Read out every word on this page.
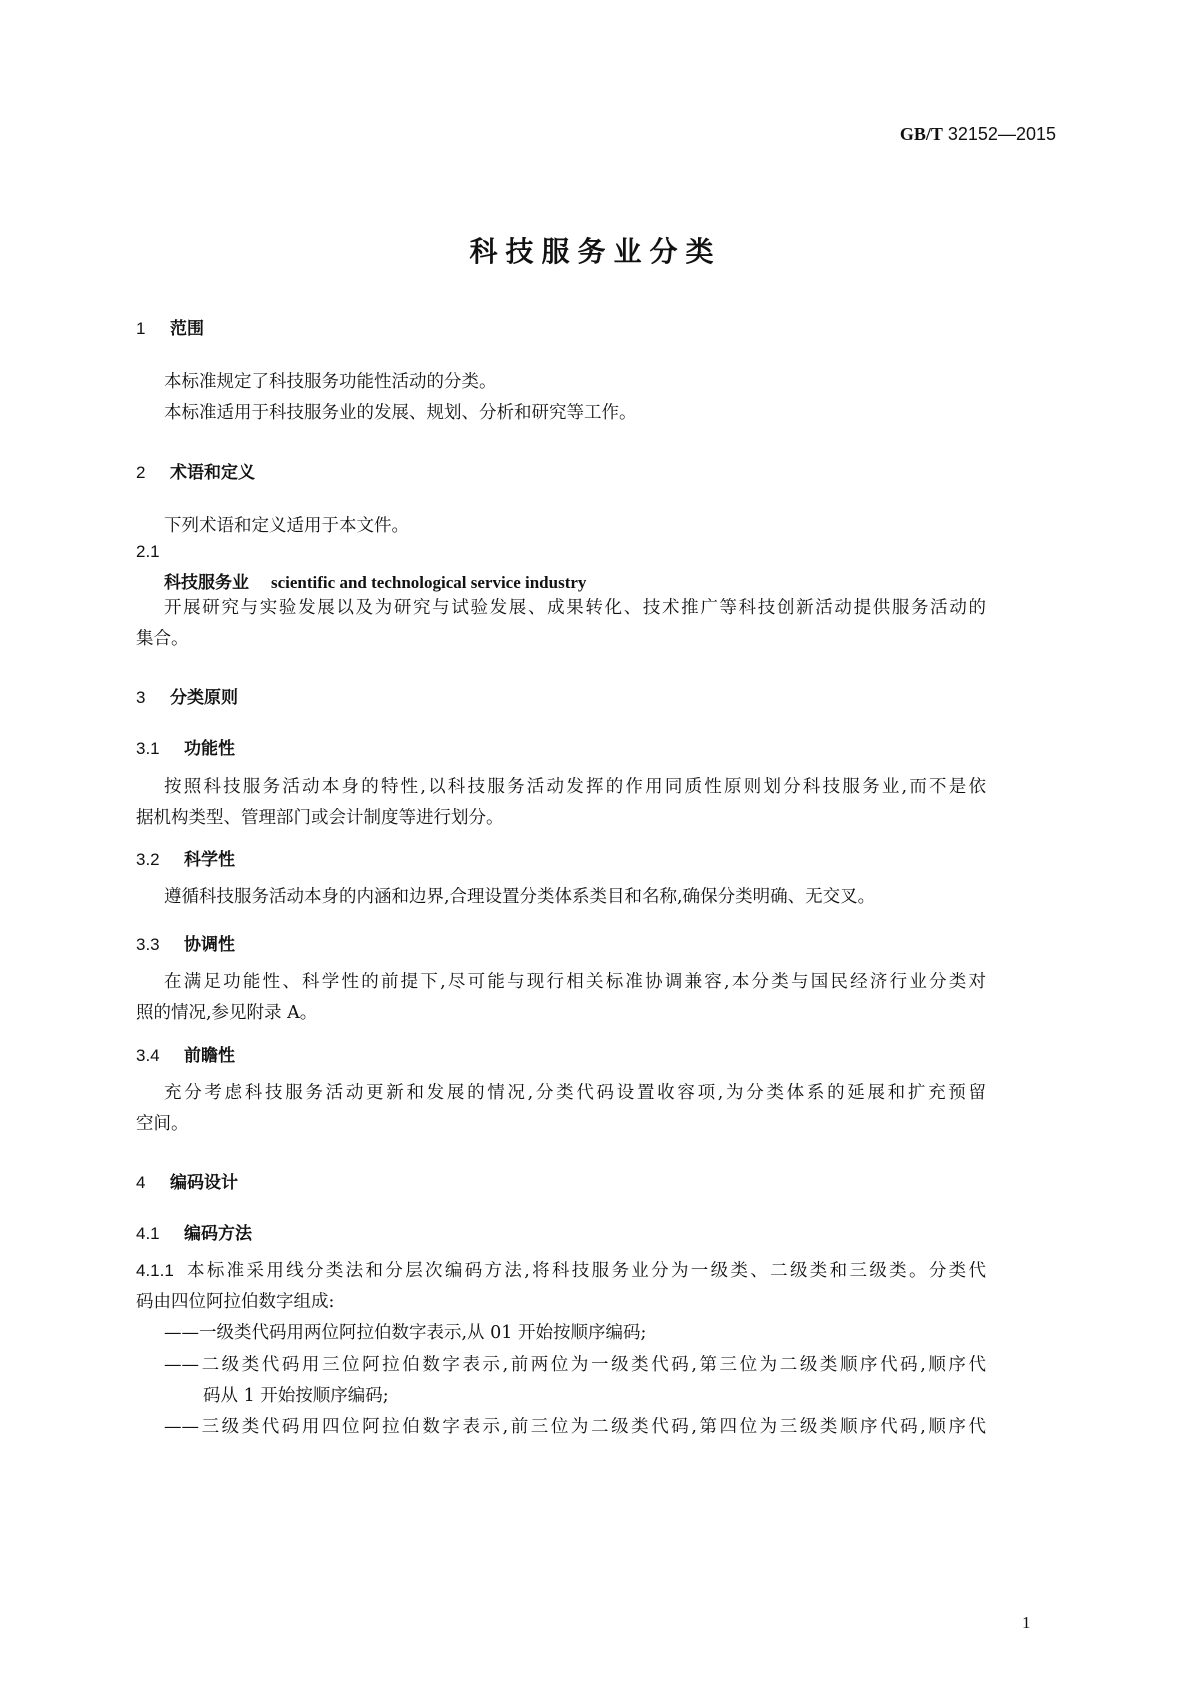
GB/T 32152—2015
科技服务业分类
1 范围
本标准规定了科技服务功能性活动的分类。
本标准适用于科技服务业的发展、规划、分析和研究等工作。
2 术语和定义
下列术语和定义适用于本文件。
2.1
科技服务业 scientific and technological service industry
开展研究与实验发展以及为研究与试验发展、成果转化、技术推广等科技创新活动提供服务活动的
集合。
3 分类原则
3.1 功能性
按照科技服务活动本身的特性,以科技服务活动发挥的作用同质性原则划分科技服务业,而不是依
据机构类型、管理部门或会计制度等进行划分。
3.2 科学性
遵循科技服务活动本身的内涵和边界,合理设置分类体系类目和名称,确保分类明确、无交叉。
3.3 协调性
在满足功能性、科学性的前提下,尽可能与现行相关标准协调兼容,本分类与国民经济行业分类对
照的情况,参见附录 A。
3.4 前瞻性
充分考虑科技服务活动更新和发展的情况,分类代码设置收容项,为分类体系的延展和扩充预留
空间。
4 编码设计
4.1 编码方法
4.1.1 本标准采用线分类法和分层次编码方法,将科技服务业分为一级类、二级类和三级类。分类代
码由四位阿拉伯数字组成:
——一级类代码用两位阿拉伯数字表示,从 01 开始按顺序编码;
——二级类代码用三位阿拉伯数字表示,前两位为一级类代码,第三位为二级类顺序代码,顺序代
码从 1 开始按顺序编码;
——三级类代码用四位阿拉伯数字表示,前三位为二级类代码,第四位为三级类顺序代码,顺序代
1
